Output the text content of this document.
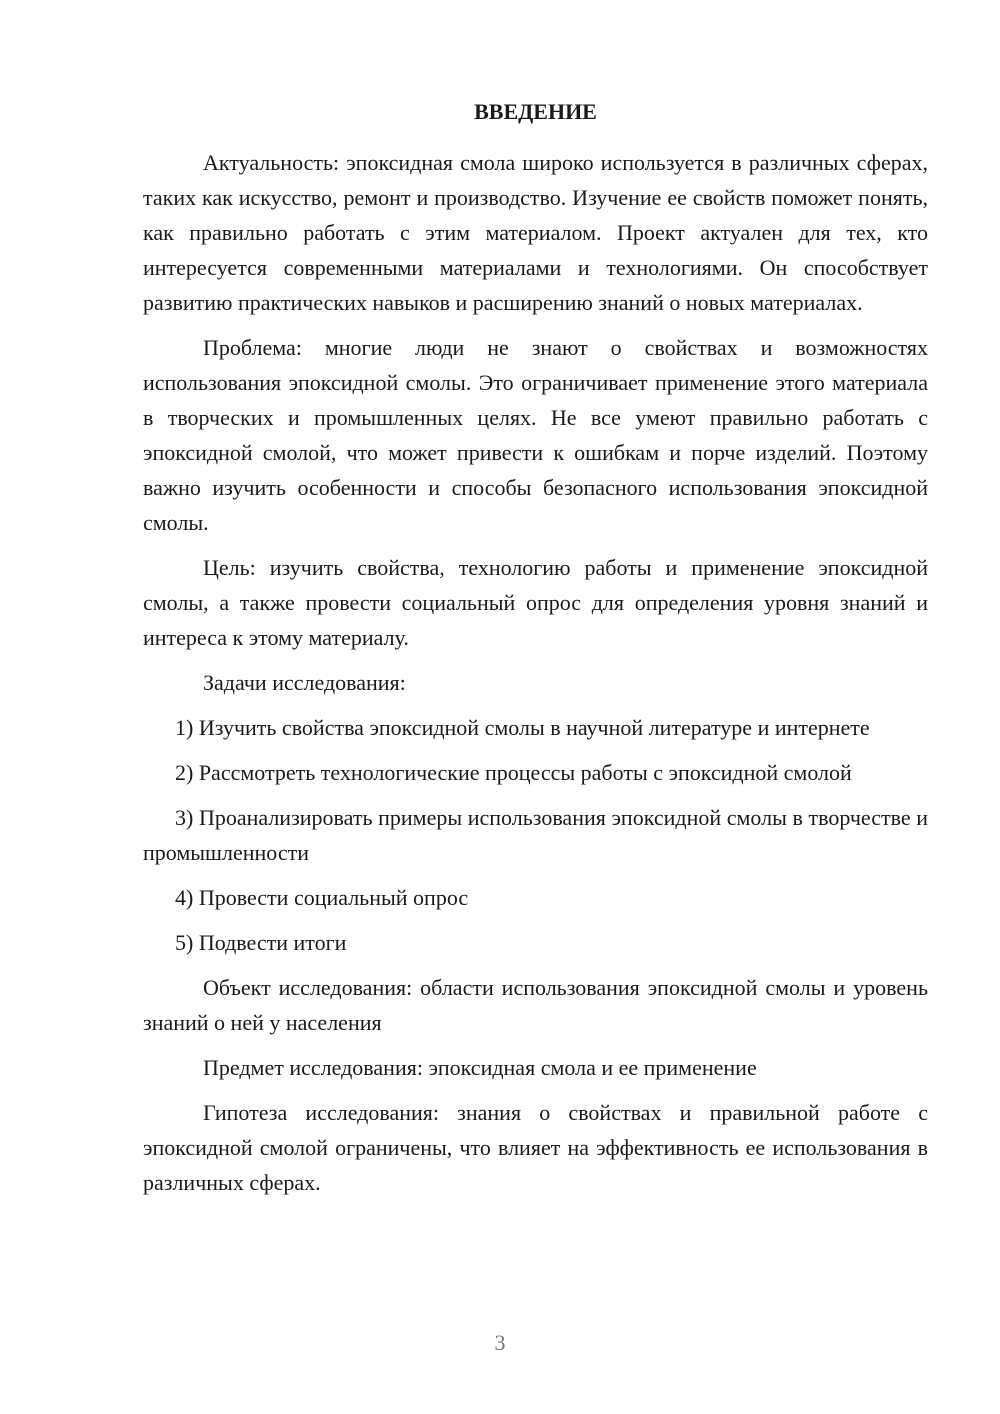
ВВЕДЕНИЕ

Актуальность: эпоксидная смола широко используется в различных сферах, таких как искусство, ремонт и производство. Изучение ее свойств поможет понять, как правильно работать с этим материалом. Проект актуален для тех, кто интересуется современными материалами и технологиями. Он способствует развитию практических навыков и расширению знаний о новых материалах.

Проблема: многие люди не знают о свойствах и возможностях использования эпоксидной смолы. Это ограничивает применение этого материала в творческих и промышленных целях. Не все умеют правильно работать с эпоксидной смолой, что может привести к ошибкам и порче изделий. Поэтому важно изучить особенности и способы безопасного использования эпоксидной смолы.

Цель: изучить свойства, технологию работы и применение эпоксидной смолы, а также провести социальный опрос для определения уровня знаний и интереса к этому материалу.

Задачи исследования:

1) Изучить свойства эпоксидной смолы в научной литературе и интернете

2) Рассмотреть технологические процессы работы с эпоксидной смолой

3) Проанализировать примеры использования эпоксидной смолы в творчестве и промышленности

4) Провести социальный опрос

5) Подвести итоги

Объект исследования: области использования эпоксидной смолы и уровень знаний о ней у населения

Предмет исследования: эпоксидная смола и ее применение

Гипотеза исследования: знания о свойствах и правильной работе с эпоксидной смолой ограничены, что влияет на эффективность ее использования в различных сферах.

3
